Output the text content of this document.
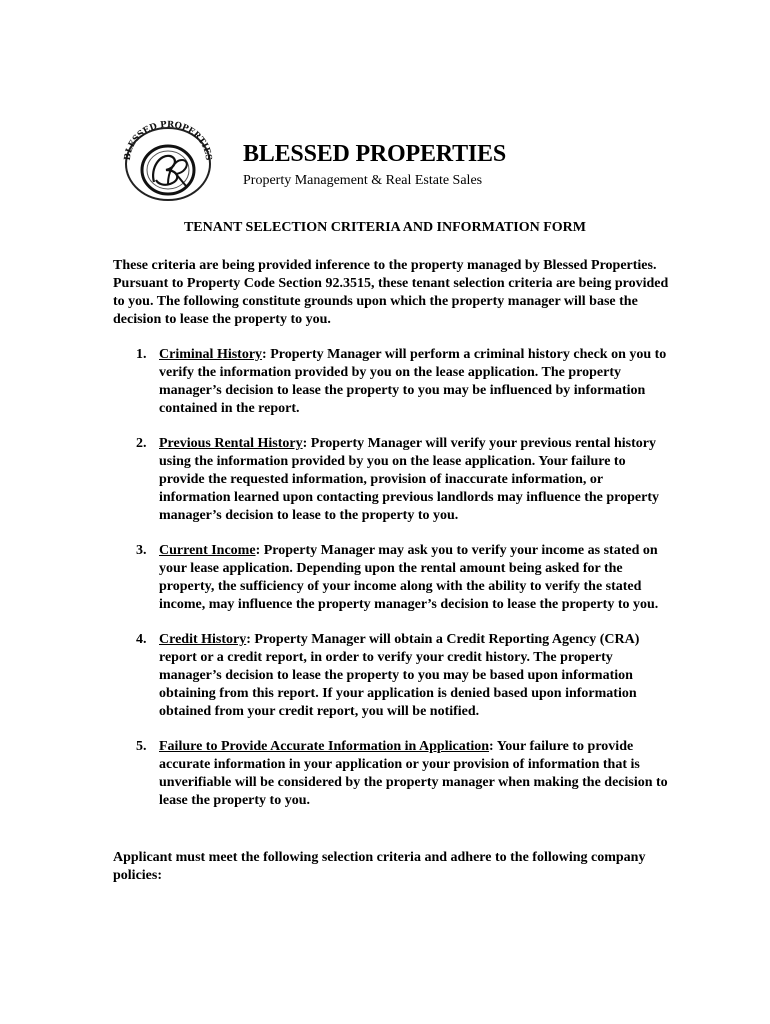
BLESSED PROPERTIES
BP
BLESSED PROPERTIES
Property Management & Real Estate Sales
TENANT SELECTION CRITERIA AND INFORMATION FORM

These criteria are being provided inference to the property managed by Blessed Properties. Pursuant to Property Code Section 92.3515, these tenant selection criteria are being provided to you. The following constitute grounds upon which the property manager will base the decision to lease the property to you.

1. Criminal History: Property Manager will perform a criminal history check on you to verify the information provided by you on the lease application. The property manager’s decision to lease the property to you may be influenced by information contained in the report.
2. Previous Rental History: Property Manager will verify your previous rental history using the information provided by you on the lease application. Your failure to provide the requested information, provision of inaccurate information, or information learned upon contacting previous landlords may influence the property manager’s decision to lease to the property to you.
3. Current Income: Property Manager may ask you to verify your income as stated on your lease application. Depending upon the rental amount being asked for the property, the sufficiency of your income along with the ability to verify the stated income, may influence the property manager’s decision to lease the property to you.
4. Credit History: Property Manager will obtain a Credit Reporting Agency (CRA) report or a credit report, in order to verify your credit history. The property manager’s decision to lease the property to you may be based upon information obtaining from this report. If your application is denied based upon information obtained from your credit report, you will be notified.
5. Failure to Provide Accurate Information in Application: Your failure to provide accurate information in your application or your provision of information that is unverifiable will be considered by the property manager when making the decision to lease the property to you.

Applicant must meet the following selection criteria and adhere to the following company policies:
